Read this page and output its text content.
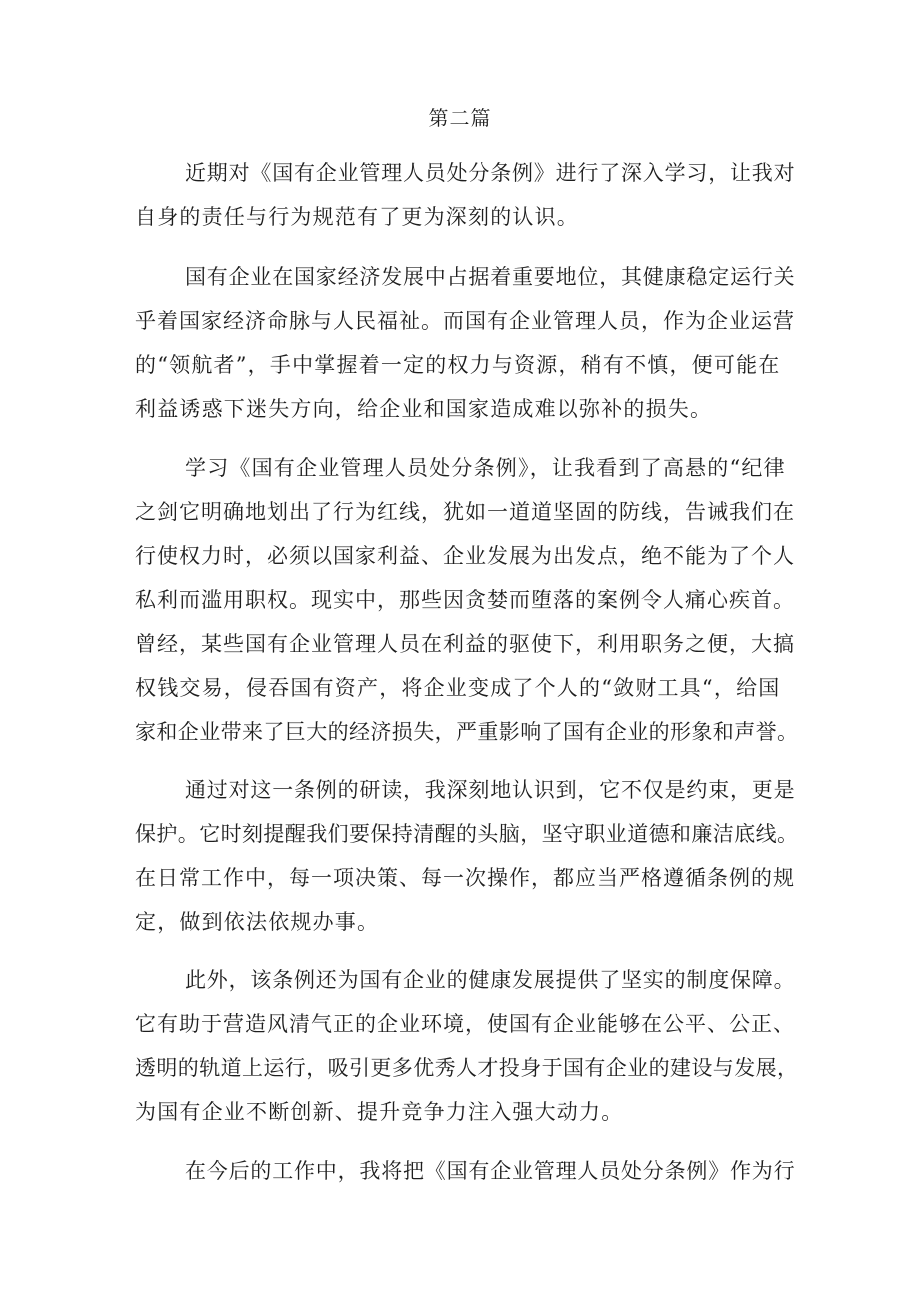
第二篇
近期对《国有企业管理人员处分条例》进行了深入学习，让我对
自身的责任与行为规范有了更为深刻的认识。
国有企业在国家经济发展中占据着重要地位，其健康稳定运行关
乎着国家经济命脉与人民福祉。而国有企业管理人员，作为企业运营
的“领航者”，手中掌握着一定的权力与资源，稍有不慎，便可能在
利益诱惑下迷失方向，给企业和国家造成难以弥补的损失。
学习《国有企业管理人员处分条例》，让我看到了高悬的“纪律
之剑它明确地划出了行为红线，犹如一道道坚固的防线，告诫我们在
行使权力时，必须以国家利益、企业发展为出发点，绝不能为了个人
私利而滥用职权。现实中，那些因贪婪而堕落的案例令人痛心疾首。
曾经，某些国有企业管理人员在利益的驱使下，利用职务之便，大搞
权钱交易，侵吞国有资产，将企业变成了个人的“敛财工具“，给国
家和企业带来了巨大的经济损失，严重影响了国有企业的形象和声誉。
通过对这一条例的研读，我深刻地认识到，它不仅是约束，更是
保护。它时刻提醒我们要保持清醒的头脑，坚守职业道德和廉洁底线。
在日常工作中，每一项决策、每一次操作，都应当严格遵循条例的规
定，做到依法依规办事。
此外，该条例还为国有企业的健康发展提供了坚实的制度保障。
它有助于营造风清气正的企业环境，使国有企业能够在公平、公正、
透明的轨道上运行，吸引更多优秀人才投身于国有企业的建设与发展，
为国有企业不断创新、提升竞争力注入强大动力。
在今后的工作中，我将把《国有企业管理人员处分条例》作为行
